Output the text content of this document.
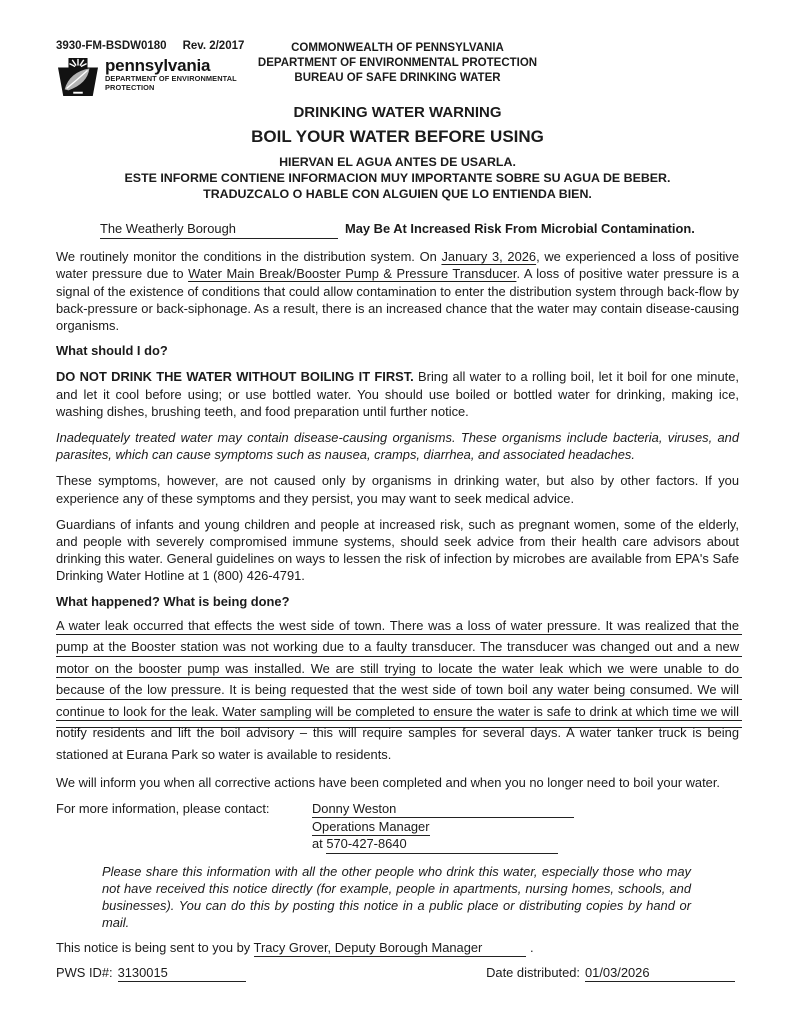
3930-FM-BSDW0180 Rev. 2/2017
pennsylvania
DEPARTMENT OF ENVIRONMENTAL
PROTECTION
COMMONWEALTH OF PENNSYLVANIA
DEPARTMENT OF ENVIRONMENTAL PROTECTION
BUREAU OF SAFE DRINKING WATER
DRINKING WATER WARNING
BOIL YOUR WATER BEFORE USING
HIERVAN EL AGUA ANTES DE USARLA.
ESTE INFORME CONTIENE INFORMACION MUY IMPORTANTE SOBRE SU AGUA DE BEBER.
TRADUZCALO O HABLE CON ALGUIEN QUE LO ENTIENDA BIEN.
The Weatherly Borough	May Be At Increased Risk From Microbial Contamination.

We routinely monitor the conditions in the distribution system. On January 3, 2026, we experienced a loss of positive water pressure due to Water Main Break/Booster Pump & Pressure Transducer. A loss of positive water pressure is a signal of the existence of conditions that could allow contamination to enter the distribution system through back-flow by back-pressure or back-siphonage. As a result, there is an increased chance that the water may contain disease-causing organisms.

What should I do?

DO NOT DRINK THE WATER WITHOUT BOILING IT FIRST. Bring all water to a rolling boil, let it boil for one minute, and let it cool before using; or use bottled water. You should use boiled or bottled water for drinking, making ice, washing dishes, brushing teeth, and food preparation until further notice.

Inadequately treated water may contain disease-causing organisms. These organisms include bacteria, viruses, and parasites, which can cause symptoms such as nausea, cramps, diarrhea, and associated headaches.

These symptoms, however, are not caused only by organisms in drinking water, but also by other factors. If you experience any of these symptoms and they persist, you may want to seek medical advice.

Guardians of infants and young children and people at increased risk, such as pregnant women, some of the elderly, and people with severely compromised immune systems, should seek advice from their health care advisors about drinking this water. General guidelines on ways to lessen the risk of infection by microbes are available from EPA's Safe Drinking Water Hotline at 1 (800) 426-4791.

What happened? What is being done?
A water leak occurred that effects the west side of town. There was a loss of water pressure. It was realized that the
pump at the Booster station was not working due to a faulty transducer. The transducer was changed out and a new
motor on the booster pump was installed. We are still trying to locate the water leak which we were unable to do
because of the low pressure. It is being requested that the west side of town boil any water being consumed. We will
continue to look for the leak. Water sampling will be completed to ensure the water is safe to drink at which time we will
notify residents and lift the boil advisory – this will require samples for several days. A water tanker truck is being
stationed at Eurana Park so water is available to residents.

We will inform you when all corrective actions have been completed and when you no longer need to boil your water.

For more information, please contact:	Donny Weston
Operations Manager
at 570-427-8640
Please share this information with all the other people who drink this water, especially those who may not have received this notice directly (for example, people in apartments, nursing homes, schools, and businesses). You can do this by posting this notice in a public place or distributing copies by hand or mail.
This notice is being sent to you by Tracy Grover, Deputy Borough Manager	.
PWS ID#: 3130015	Date distributed: 01/03/2026
